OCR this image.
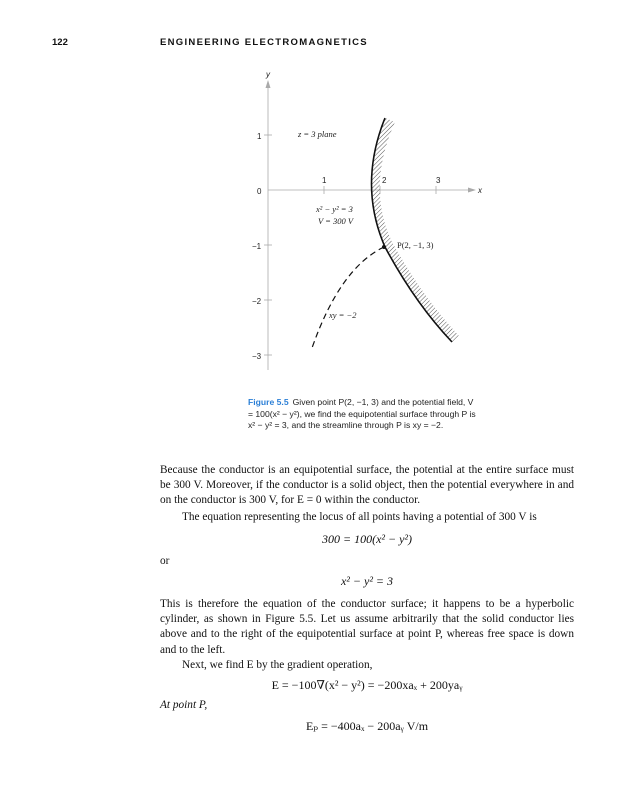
122	ENGINEERING ELECTROMAGNETICS
y
x
1
0
−1
−2
−3
1	2	3
z = 3 plane
x² − y² = 3
V = 300 V
P(2, −1, 3)
xy = −2
Figure 5.5 Given point P(2, −1, 3) and the potential field, V = 100(x² − y²), we find the equipotential surface through P is x² − y² = 3, and the streamline through P is xy = −2.
Because the conductor is an equipotential surface, the potential at the entire surface must be 300 V. Moreover, if the conductor is a solid object, then the potential everywhere in and on the conductor is 300 V, for E = 0 within the conductor.
The equation representing the locus of all points having a potential of 300 V is
300 = 100(x² − y²)
or
x² − y² = 3
This is therefore the equation of the conductor surface; it happens to be a hyperbolic cylinder, as shown in Figure 5.5. Let us assume arbitrarily that the solid conductor lies above and to the right of the equipotential surface at point P, whereas free space is down and to the left.
Next, we find E by the gradient operation,
E = −100∇(x² − y²) = −200xaₓ + 200yaᵧ
At point P,
Eₚ = −400aₓ − 200aᵧ V/m
